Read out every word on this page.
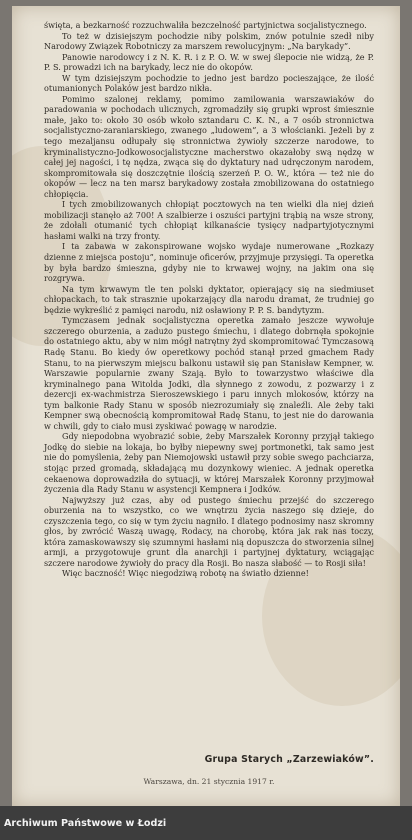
święta, a bezkarność rozzuchwaliła bezczelność partyjnictwa socjalistycznego.

To też w dzisiejszym pochodzie niby polskim, znów potulnie szedł niby Narodowy Związek Robotniczy za marszem rewolucyjnym: „Na barykady”.

Panowie narodowcy i z N. K. R. i z P. O. W. w swej ślepocie nie widzą, że P. P. S. prowadzi ich na barykady, lecz nie do okopów.

W tym dzisiejszym pochodzie to jedno jest bardzo pocieszające, że ilość otumanionych Polaków jest bardzo nikła.

Pomimo szalonej reklamy, pomimo zamilowania warszawiaków do paradowania w pochodach ulicznych, zgromadziły się grupki wprost śmiesznie małe, jako to: około 30 osób wkoło sztandaru C. K. N., a 7 osób stronnictwa socjalistyczno-zaraniarskiego, zwanego „ludowem”, a 3 włościanki. Jeżeli by z tego mezaljansu odłupały się stronnictwa żywioły szczerze narodowe, to kryminalistyczno-Jodkowosocjalistyczne macherstwo okazałoby swą nędzę w całej jej nagości, i tę nędza, zwąca się do dyktatury nad udręczonym narodem, skompromitowała się doszczętnie ilością szerzeń P. O. W., która — też nie do okopów — lecz na ten marsz barykadowy została zmobilizowana do ostatniego chłopięcia.

I tych zmobilizowanych chłopiąt pocztowych na ten wielki dla niej dzień mobilizacji stanęło aż 700! A szalbierze i oszuści partyjni trąbią na wsze strony, że zdołali otumanić tych chłopiąt kilkanaście tysięcy nadpartyjotycznymi hasłami walki na trzy fronty.

I ta zabawa w zakonspirowane wojsko wydaje numerowane „Rozkazy dzienne z miejsca postoju”, nominuje oficerów, przyjmuje przysięgi. Ta operetka by była bardzo śmieszna, gdyby nie to krwawej wojny, na jakim ona się rozgrywa.

Na tym krwawym tle ten polski dyktator, opierający się na siedmiuset chłopackach, to tak strasznie upokarzający dla narodu dramat, że trudniej go będzie wykreślić z pamięci narodu, niż osławiony P. P. S. bandytyzm.

Tymczasem jednak socjalistyczna operetka zamało jeszcze wywołuje szczerego oburzenia, a zadużo pustego śmiechu, i dlatego dobrnęła spokojnie do ostatniego aktu, aby w nim mógł natrętny żyd skompromitować Tymczasową Radę Stanu. Bo kiedy ów operetkowy pochód stanął przed gmachem Rady Stanu, to na pierwszym miejscu balkonu ustawił się pan Stanisław Kempner, w. Warszawie popularnie zwany Szają. Było to towarzystwo właściwe dla kryminalnego pana Witolda Jodki, dla słynnego z zowodu, z pozwarzy i z dezercji ex-wachmistrza Sieroszewskiego i paru innych mlokosów, którzy na tym balkonie Rady Stanu w sposób niezrozumiały się znaleźli. Ale żeby taki Kempner swą obecnością kompromitował Radę Stanu, to jest nie do darowania w chwili, gdy to ciało musi zyskiwać powagę w narodzie.

Gdy niepodobna wyobrazić sobie, żeby Marszałek Koronny przyjął takiego Jodkę do siebie na lokaja, bo byłby niepewny swej portmonetki, tak samo jest nie do pomyślenia, żeby pan Niemojowski ustawił przy sobie swego pachciarza, stojąc przed gromadą, składającą mu dozynkowy wieniec. A jednak operetka cekaenowa doprowadziła do sytuacji, w której Marszałek Koronny przyjmował życzenia dla Rady Stanu w asystencji Kempnera i Jodków.

Najwyższy już czas, aby od pustego śmiechu przejść do szczerego oburzenia na to wszystko, co we wnętrzu życia naszego się dzieje, do czyszczenia tego, co się w tym życiu nagniło. I dlatego podnosimy nasz skromny głos, by zwrócić Waszą uwagę, Rodacy, na chorobę, która jak rak nas toczy, która zamaskowawszy się szumnymi hasłami nią dopuszcza do stworzenia silnej armji, a przygotowuje grunt dla anarchji i partyjnej dyktatury, wciągając szczere narodowe żywioły do pracy dla Rosji. Bo nasza słabość — to Rosji siła!

Więc baczność! Więc niegodziwą robotę na światło dzienne!

Grupa Starych „Zarzewiaków”.
Warszawa, dn. 21 stycznia 1917 r.
Archiwum Państwowe w Łodzi
